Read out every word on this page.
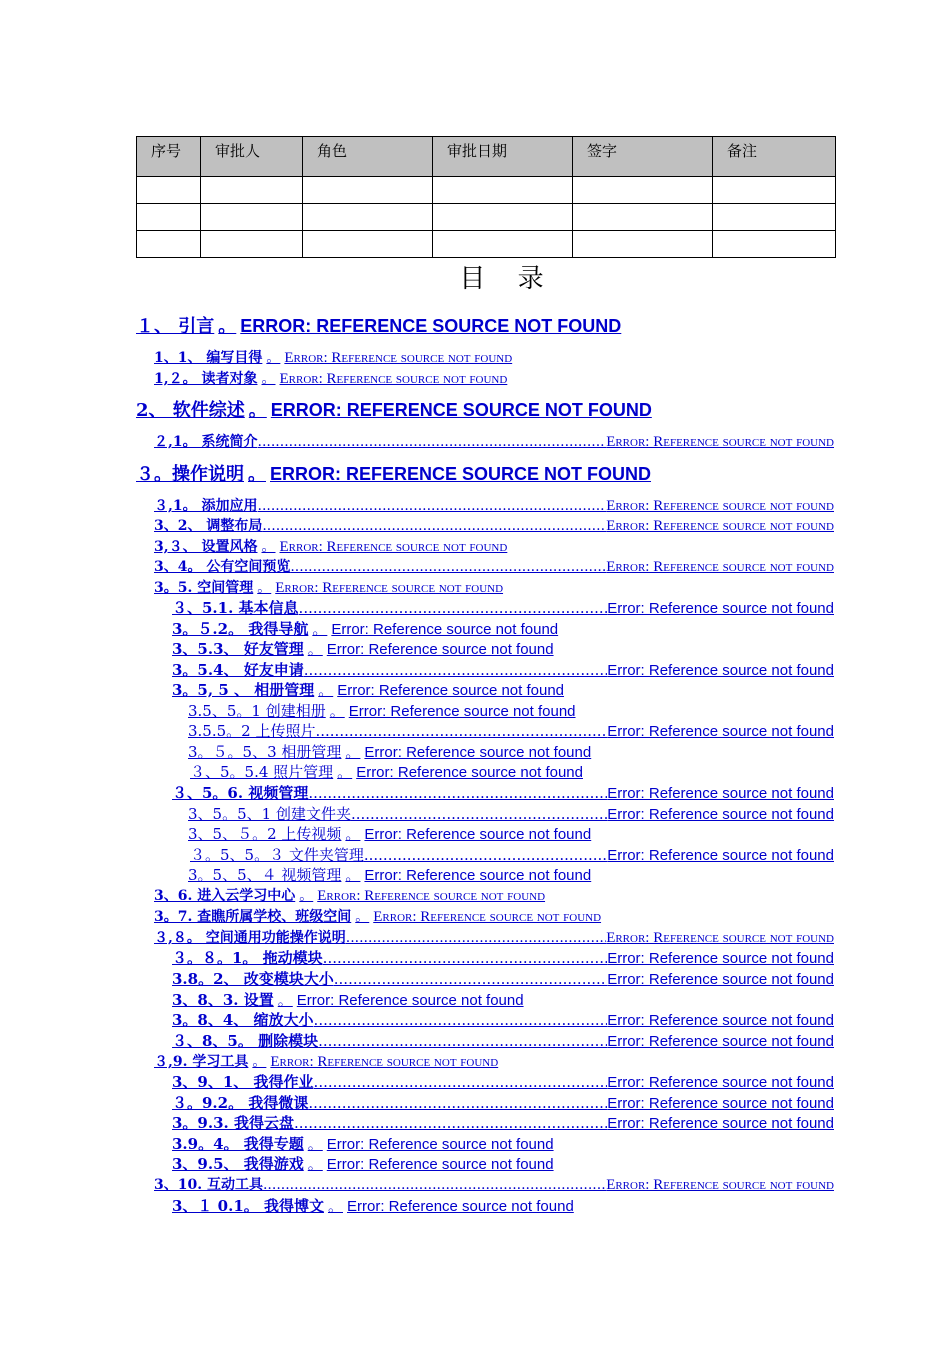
序号	审批人	角色	审批日期	签字	备注

目 录
１、 引言 。 ERROR: REFERENCE SOURCE NOT FOUND
1、1、 编写目得 。 Error: Reference source not found
1,２。 读者对象 。 Error: Reference source not found
2、 软件综述 。 ERROR: REFERENCE SOURCE NOT FOUND
２,1。 系统简介 .....	Error: Reference source not found
３。操作说明 。 ERROR: REFERENCE SOURCE NOT FOUND
３,1。 添加应用 .....	Error: Reference source not found
3、2、 调整布局 .....	Error: Reference source not found
3,３、 设置风格 。 Error: Reference source not found
3、4。 公有空间预览 .....	Error: Reference source not found
3。5. 空间管理 。 Error: Reference source not found
３、5.1. 基本信息 .....	Error: Reference source not found
3。５.2。 我得导航 。 Error: Reference source not found
3、5.3、 好友管理 。 Error: Reference source not found
3。5.4、 好友申请 .....	Error: Reference source not found
3。5, 5 、 相册管理 。 Error: Reference source not found
3.5、5。1 创建相册 。 Error: Reference source not found
3.5.5。2 上传照片 .....	Error: Reference source not found
3。５。5、3 相册管理 。 Error: Reference source not found
３、5。5.4 照片管理 。 Error: Reference source not found
３、5。6. 视频管理 .....	Error: Reference source not found
3、5。5、1 创建文件夹 .....	Error: Reference source not found
3、5、５。2 上传视频 。 Error: Reference source not found
３。5、5。３ 文件夹管理 .....	Error: Reference source not found
3。5、5、４ 视频管理 。 Error: Reference source not found
3、6. 进入云学习中心 。 Error: Reference source not found
3。7. 查瞧所属学校、班级空间 。 Error: Reference source not found
３,８。 空间通用功能操作说明 .....	Error: Reference source not found
３。８。1。 拖动模块 .....	Error: Reference source not found
3.8。2、 改变模块大小 .....	Error: Reference source not found
3、8、3. 设置 。 Error: Reference source not found
3。8、4、 缩放大小 .....	Error: Reference source not found
３、8、5。 删除模块 .....	Error: Reference source not found
３,9. 学习工具 。 Error: Reference source not found
3、9、1、 我得作业 .....	Error: Reference source not found
３。9.2。 我得微课 .....	Error: Reference source not found
3。9.3. 我得云盘 .....	Error: Reference source not found
3.9。4。 我得专题 。 Error: Reference source not found
3、9.5、 我得游戏 。 Error: Reference source not found
3、10. 互动工具 .....	Error: Reference source not found
3、１ 0.1。 我得博文 。 Error: Reference source not found
